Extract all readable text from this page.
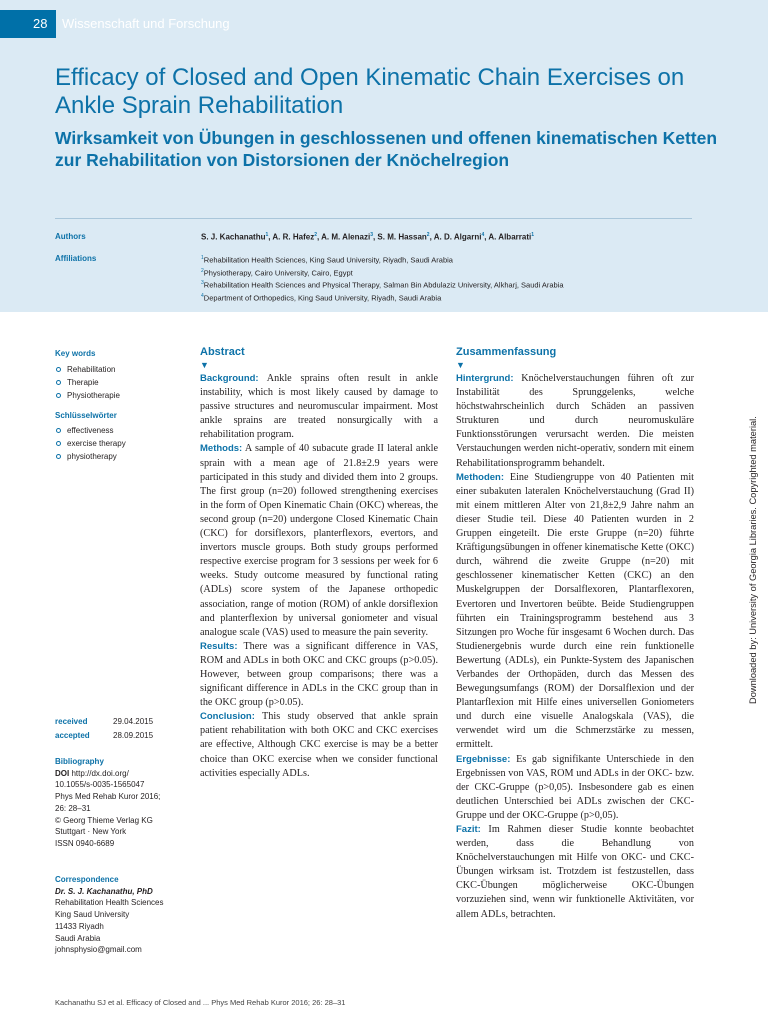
28 Wissenschaft und Forschung
Efficacy of Closed and Open Kinematic Chain Exercises on Ankle Sprain Rehabilitation
Wirksamkeit von Übungen in geschlossenen und offenen kinematischen Ketten zur Rehabilitation von Distorsionen der Knöchelregion
Authors	S. J. Kachanathu$^1$, A. R. Hafez$^2$, A. M. Alenazi$^3$, S. M. Hassan$^2$, A. D. Algarni$^4$, A. Albarrati$^1$
Affiliations	$^1$Rehabilitation Health Sciences, King Saud University, Riyadh, Saudi Arabia
$^2$Physiotherapy, Cairo University, Cairo, Egypt
$^3$Rehabilitation Health Sciences and Physical Therapy, Salman Bin Abdulaziz University, Alkharj, Saudi Arabia
$^4$Department of Orthopedics, King Saud University, Riyadh, Saudi Arabia
Key words
Rehabilitation
Therapie
Physiotherapie
Schlüsselwörter
effectiveness
exercise therapy
physiotherapy
received	29.04.2015
accepted	28.09.2015
Bibliography
DOI http://dx.doi.org/
10.1055/s-0035-1565047
Phys Med Rehab Kuror 2016;
26: 28–31
© Georg Thieme Verlag KG
Stuttgart · New York
ISSN 0940-6689
Correspondence
Dr. S. J. Kachanathu, PhD
Rehabilitation Health Sciences
King Saud University
11433 Riyadh
Saudi Arabia
johnsphysio@gmail.com
Abstract
▼

Background: Ankle sprains often result in ankle instability, which is most likely caused by damage to passive structures and neuromuscular impairment. Most ankle sprains are treated nonsurgically with a rehabilitation program.

Methods: A sample of 40 subacute grade II lateral ankle sprain with a mean age of 21.8±2.9 years were participated in this study and divided them into 2 groups. The first group (n=20) followed strengthening exercises in the form of Open Kinematic Chain (OKC) whereas, the second group (n=20) undergone Closed Kinematic Chain (CKC) for dorsiflexors, planterflexors, evertors, and invertors muscle groups. Both study groups performed respective exercise program for 3 sessions per week for 6 weeks. Study outcome measured by functional rating (ADLs) score system of the Japanese orthopedic association, range of motion (ROM) of ankle dorsiflexion and planterflexion by universal goniometer and visual analogue scale (VAS) used to measure the pain severity.

Results: There was a significant difference in VAS, ROM and ADLs in both OKC and CKC groups (p>0.05). However, between group comparisons; there was a significant difference in ADLs in the CKC group than in the OKC group (p>0.05).

Conclusion: This study observed that ankle sprain patient rehabilitation with both OKC and CKC exercises are effective, Although CKC exercise is may be a better choice than OKC exercise when we consider functional activities especially ADLs.

Zusammenfassung
▼

Hintergrund: Knöchelverstauchungen führen oft zur Instabilität des Sprunggelenks, welche höchstwahrscheinlich durch Schäden an passiven Strukturen und durch neuromuskuläre Funktionsstörungen verursacht werden. Die meisten Verstauchungen werden nicht-operativ, sondern mit einem Rehabilitationsprogramm behandelt.

Methoden: Eine Studiengruppe von 40 Patienten mit einer subakuten lateralen Knöchelverstauchung (Grad II) mit einem mittleren Alter von 21,8±2,9 Jahre nahm an dieser Studie teil. Diese 40 Patienten wurden in 2 Gruppen eingeteilt. Die erste Gruppe (n=20) führte Kräftigungsübungen in offener kinematische Kette (OKC) durch, während die zweite Gruppe (n=20) mit geschlossener kinematischer Ketten (CKC) an den Muskelgruppen der Dorsalflexoren, Plantarflexoren, Evertoren und Invertoren beübte. Beide Studiengruppen führten ein Trainingsprogramm bestehend aus 3 Sitzungen pro Woche für insgesamt 6 Wochen durch. Das Studienergebnis wurde durch eine rein funktionelle Bewertung (ADLs), ein Punkte-System des Japanischen Verbandes der Orthopäden, durch das Messen des Bewegungsumfangs (ROM) der Dorsalflexion und der Plantarflexion mit Hilfe eines universellen Goniometers und durch eine visuelle Analogskala (VAS), die verwendet wird um die Schmerzstärke zu messen, ermittelt.

Ergebnisse: Es gab signifikante Unterschiede in den Ergebnissen von VAS, ROM und ADLs in der OKC- bzw. der CKC-Gruppe (p>0,05). Insbesondere gab es einen deutlichen Unterschied bei ADLs zwischen der CKC-Gruppe und der OKC-Gruppe (p>0,05).

Fazit: Im Rahmen dieser Studie konnte beobachtet werden, dass die Behandlung von Knöchelverstauchungen mit Hilfe von OKC- und CKC-Übungen wirksam ist. Trotzdem ist festzustellen, dass CKC-Übungen möglicherweise OKC-Übungen vorzuziehen sind, wenn wir funktionelle Aktivitäten, vor allem ADLs, betrachten.

Kachanathu SJ et al. Efficacy of Closed and ... Phys Med Rehab Kuror 2016; 26: 28–31
Downloaded by: University of Georgia Libraries. Copyrighted material.
